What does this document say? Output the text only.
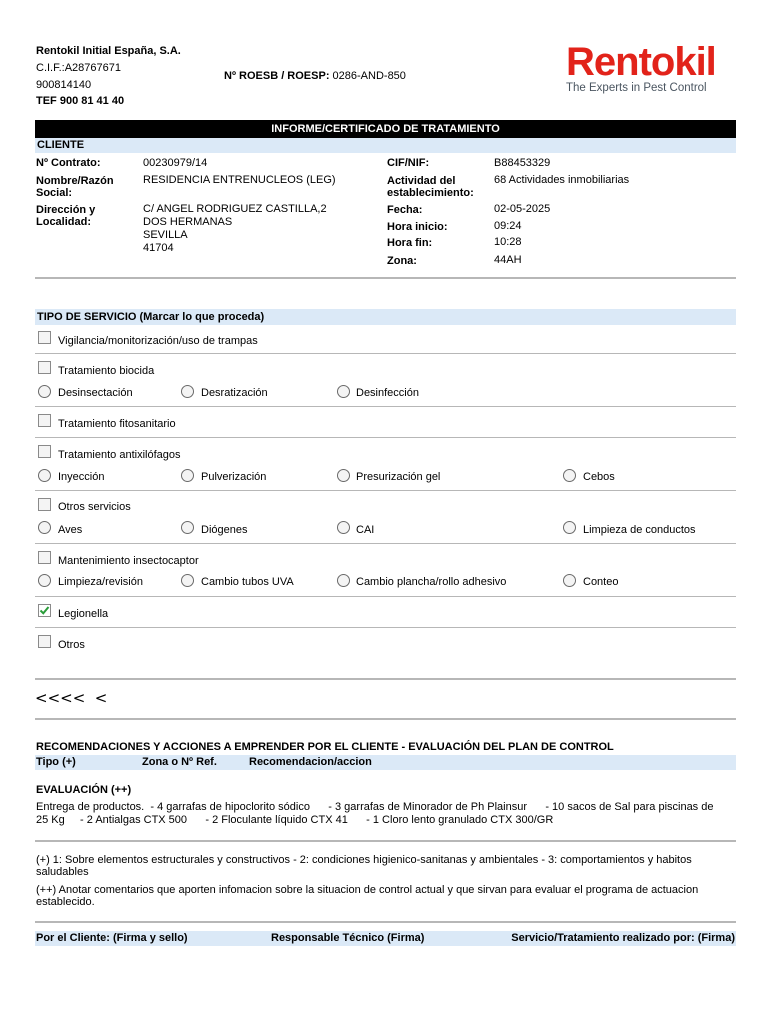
Rentokil Initial España, S.A.
C.I.F.:A28767671
900814140
TEF 900 81 41 40
Nº ROESB / ROESP: 0286-AND-850	Rentokil
The Experts in Pest Control
INFORME/CERTIFICADO DE TRATAMIENTO
CLIENTE
Nº Contrato:	00230979/14
Nombre/Razón Social:
RESIDENCIA ENTRENUCLEOS (LEG)
Dirección y Localidad:
C/ ANGEL RODRIGUEZ CASTILLA,2
DOS HERMANAS
SEVILLA
41704
CIF/NIF:	B88453329
Actividad del establecimiento:
68 Actividades inmobiliarias
Fecha:	02-05-2025
Hora inicio:	09:24
Hora fin:	10:28
Zona:	44AH
TIPO DE SERVICIO (Marcar lo que proceda)
Vigilancia/monitorización/uso de trampas
Tratamiento biocida
Desinsectación	Desratización	Desinfección
Tratamiento fitosanitario
Tratamiento antixilófagos
Inyección	Pulverización	Presurización gel	Cebos
Otros servicios
Aves	Diógenes	CAI	Limpieza de conductos
Mantenimiento insectocaptor
Limpieza/revisión	Cambio tubos UVA	Cambio plancha/rollo adhesivo	Conteo
Legionella
Otros
<<<<  <
RECOMENDACIONES Y ACCIONES A EMPRENDER POR EL CLIENTE - EVALUACIÓN DEL PLAN DE CONTROL
Tipo (+)	Zona o Nº Ref.	Recomendacion/accion
EVALUACIÓN (++)
Entrega de productos.  - 4 garrafas de hipoclorito sódico      - 3 garrafas de Minorador de Ph Plainsur      - 10 sacos de Sal para piscinas de
25 Kg     - 2 Antialgas CTX 500      - 2 Floculante líquido CTX 41      - 1 Cloro lento granulado CTX 300/GR
(+) 1: Sobre elementos estructurales y constructivos - 2: condiciones higienico-sanitanas y ambientales - 3: comportamientos y habitos
saludables
(++) Anotar comentarios que aporten infomacion sobre la situacion de control actual y que sirvan para evaluar el programa de actuacion
establecido.
Por el Cliente: (Firma y sello)	Responsable Técnico (Firma)	Servicio/Tratamiento realizado por: (Firma)
